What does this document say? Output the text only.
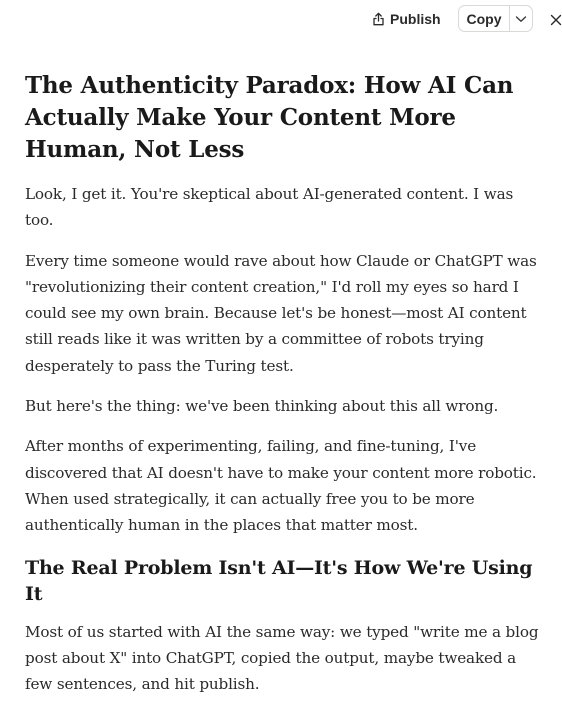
Publish	Copy
The Authenticity Paradox: How AI Can Actually Make Your Content More Human, Not Less

Look, I get it. You're skeptical about AI-generated content. I was too.

Every time someone would rave about how Claude or ChatGPT was "revolutionizing their content creation," I'd roll my eyes so hard I could see my own brain. Because let's be honest—most AI content still reads like it was written by a committee of robots trying desperately to pass the Turing test.

But here's the thing: we've been thinking about this all wrong.

After months of experimenting, failing, and fine-tuning, I've discovered that AI doesn't have to make your content more robotic. When used strategically, it can actually free you to be more authentically human in the places that matter most.

The Real Problem Isn't AI—It's How We're Using It

Most of us started with AI the same way: we typed "write me a blog post about X" into ChatGPT, copied the output, maybe tweaked a few sentences, and hit publish.
